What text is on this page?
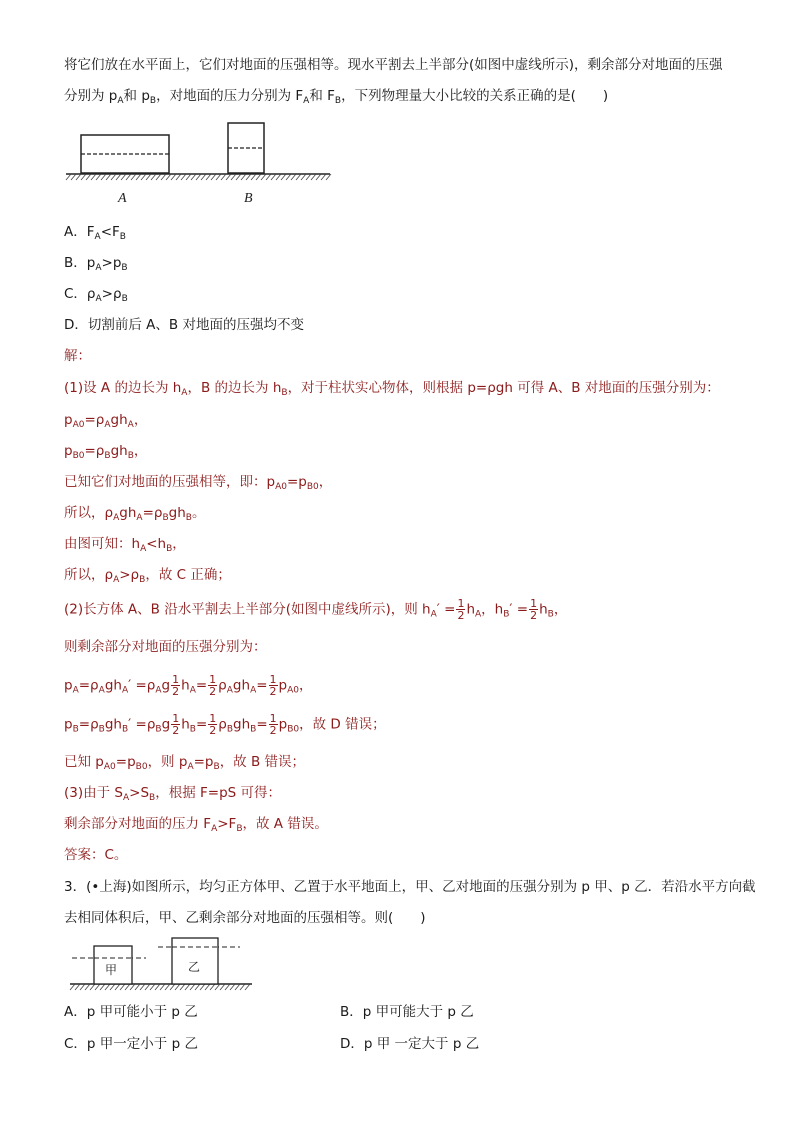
将它们放在水平面上，它们对地面的压强相等。现水平割去上半部分(如图中虚线所示)，剩余部分对地面的压强
分别为 $p_A$和 $p_B$，对地面的压力分别为 $F_A$和 $F_B$，下列物理量大小比较的关系正确的是(　　)
A	B
A．$F_A<F_B$
B．$p_A>p_B$
C．$\rho_A>\rho_B$
D．切割前后 A、B 对地面的压强均不变
解：
(1)设 A 的边长为 $h_A$，B 的边长为 $h_B$，对于柱状实心物体，则根据 p=ρgh 可得 A、B 对地面的压强分别为：
$p_{A0}=\rho_Agh_A$，
$p_{B0}=\rho_Bgh_B$，
已知它们对地面的压强相等，即：$p_{A0}=p_{B0}$，
所以，$\rho_Agh_A=\rho_Bgh_B$。
由图可知：$h_A<h_B$，
所以，$\rho_A>\rho_B$，故 C 正确；
(2)长方体 A、B 沿水平割去上半部分(如图中虚线所示)，则 $h_A' = \frac{1}{2} h_A$，$h_B' = \frac{1}{2} h_B$，
则剩余部分对地面的压强分别为：
$p_A=\rho_Agh_A' =\rho_Ag \frac{1}{2} h_A= \frac{1}{2} \rho_Agh_A= \frac{1}{2} p_{A0}$，
$p_B=\rho_Bgh_B' =\rho_Bg \frac{1}{2} h_B= \frac{1}{2} \rho_Bgh_B= \frac{1}{2} p_{B0}$，故 D 错误；
已知 $p_{A0}=p_{B0}$，则 $p_A=p_B$，故 B 错误；
(3)由于 $S_A>S_B$，根据 F=pS 可得：
剩余部分对地面的压力 $F_A>F_B$，故 A 错误。
答案：C。
3．(•上海)如图所示，均匀正方体甲、乙置于水平地面上，甲、乙对地面的压强分别为 p 甲、p 乙．若沿水平方向截
去相同体积后，甲、乙剩余部分对地面的压强相等。则(　　)
甲	乙
A．p 甲可能小于 p 乙	B．p 甲可能大于 p 乙
C．p 甲一定小于 p 乙	D．p 甲 一定大于 p 乙
